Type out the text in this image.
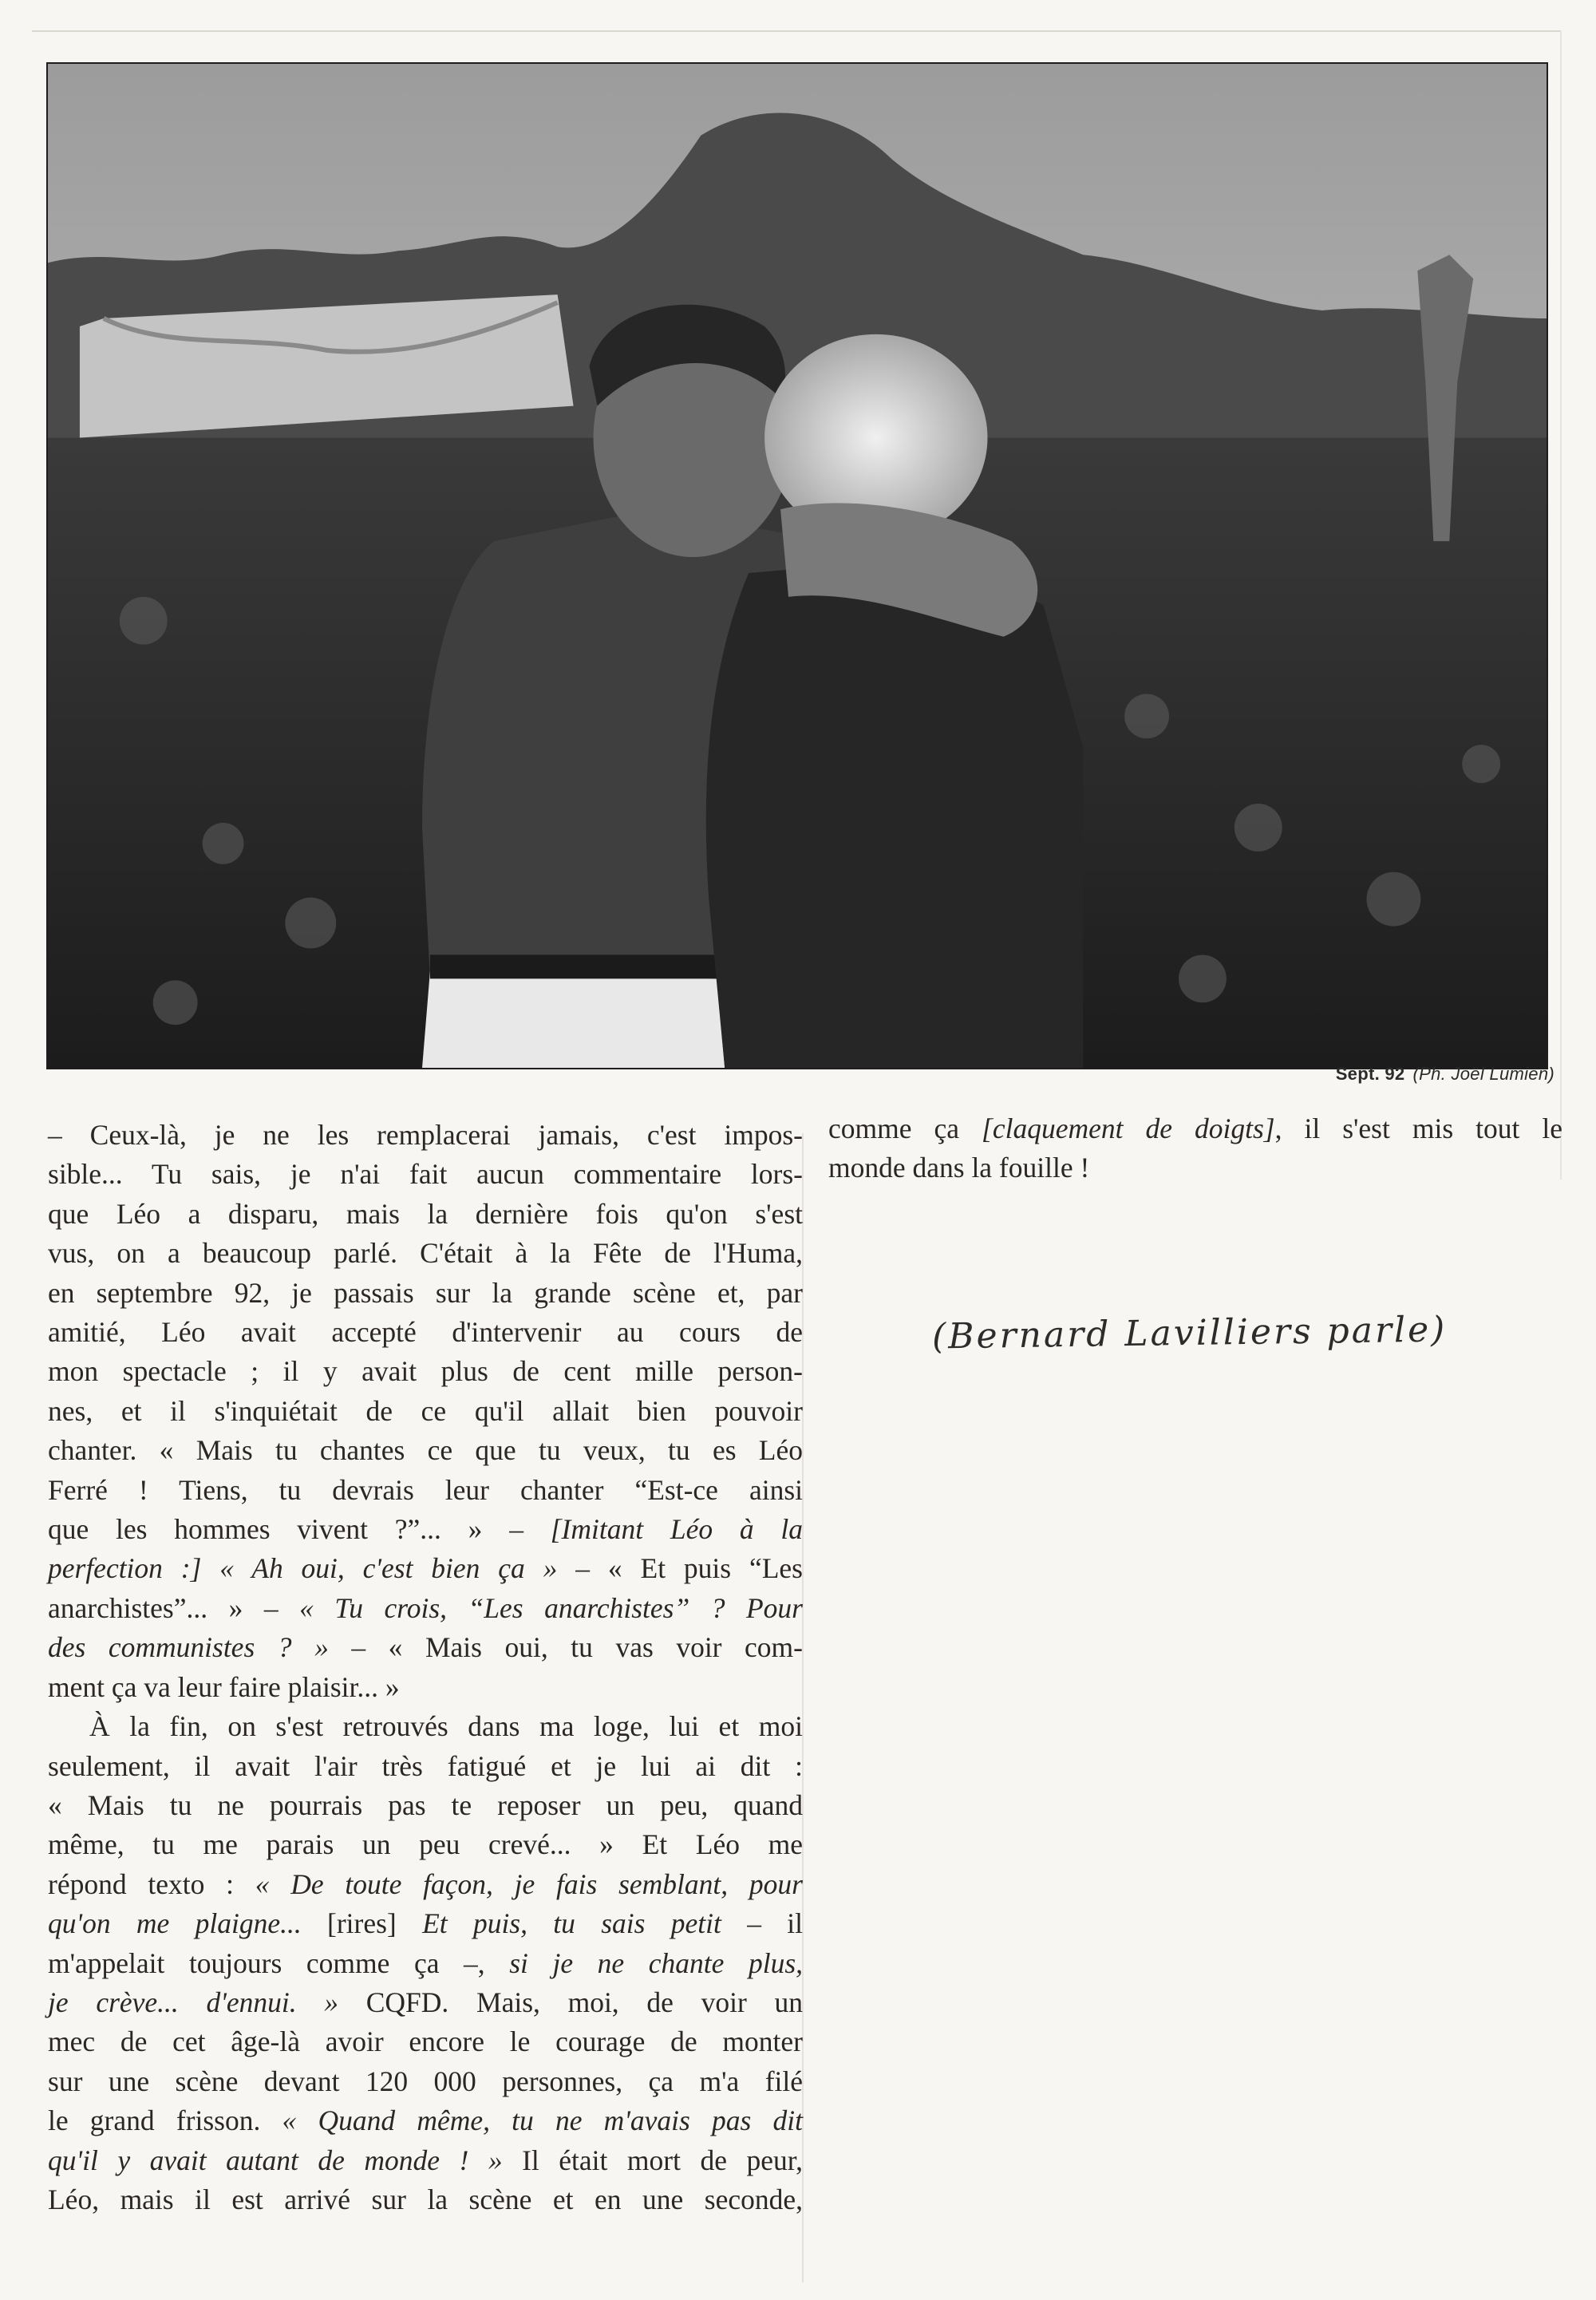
Sept. 92 (Ph. Joël Lumien)
– Ceux-là, je ne les remplacerai jamais, c'est impos-
sible... Tu sais, je n'ai fait aucun commentaire lors-
que Léo a disparu, mais la dernière fois qu'on s'est
vus, on a beaucoup parlé. C'était à la Fête de l'Huma,
en septembre 92, je passais sur la grande scène et, par
amitié, Léo avait accepté d'intervenir au cours de
mon spectacle ; il y avait plus de cent mille person-
nes, et il s'inquiétait de ce qu'il allait bien pouvoir
chanter. « Mais tu chantes ce que tu veux, tu es Léo
Ferré ! Tiens, tu devrais leur chanter “Est-ce ainsi
que les hommes vivent ?”... » – [Imitant Léo à la
perfection :] « Ah oui, c'est bien ça » – « Et puis “Les
anarchistes”... » – « Tu crois, “Les anarchistes” ? Pour
des communistes ? » – « Mais oui, tu vas voir com-
ment ça va leur faire plaisir... »
À la fin, on s'est retrouvés dans ma loge, lui et moi
seulement, il avait l'air très fatigué et je lui ai dit :
« Mais tu ne pourrais pas te reposer un peu, quand
même, tu me parais un peu crevé... » Et Léo me
répond texto : « De toute façon, je fais semblant, pour
qu'on me plaigne... [rires] Et puis, tu sais petit – il
m'appelait toujours comme ça –, si je ne chante plus,
je crève... d'ennui. » CQFD. Mais, moi, de voir un
mec de cet âge-là avoir encore le courage de monter
sur une scène devant 120 000 personnes, ça m'a filé
le grand frisson. « Quand même, tu ne m'avais pas dit
qu'il y avait autant de monde ! » Il était mort de peur,
Léo, mais il est arrivé sur la scène et en une seconde,
comme ça [claquement de doigts], il s'est mis tout le
monde dans la fouille !
(Bernard Lavilliers parle)
